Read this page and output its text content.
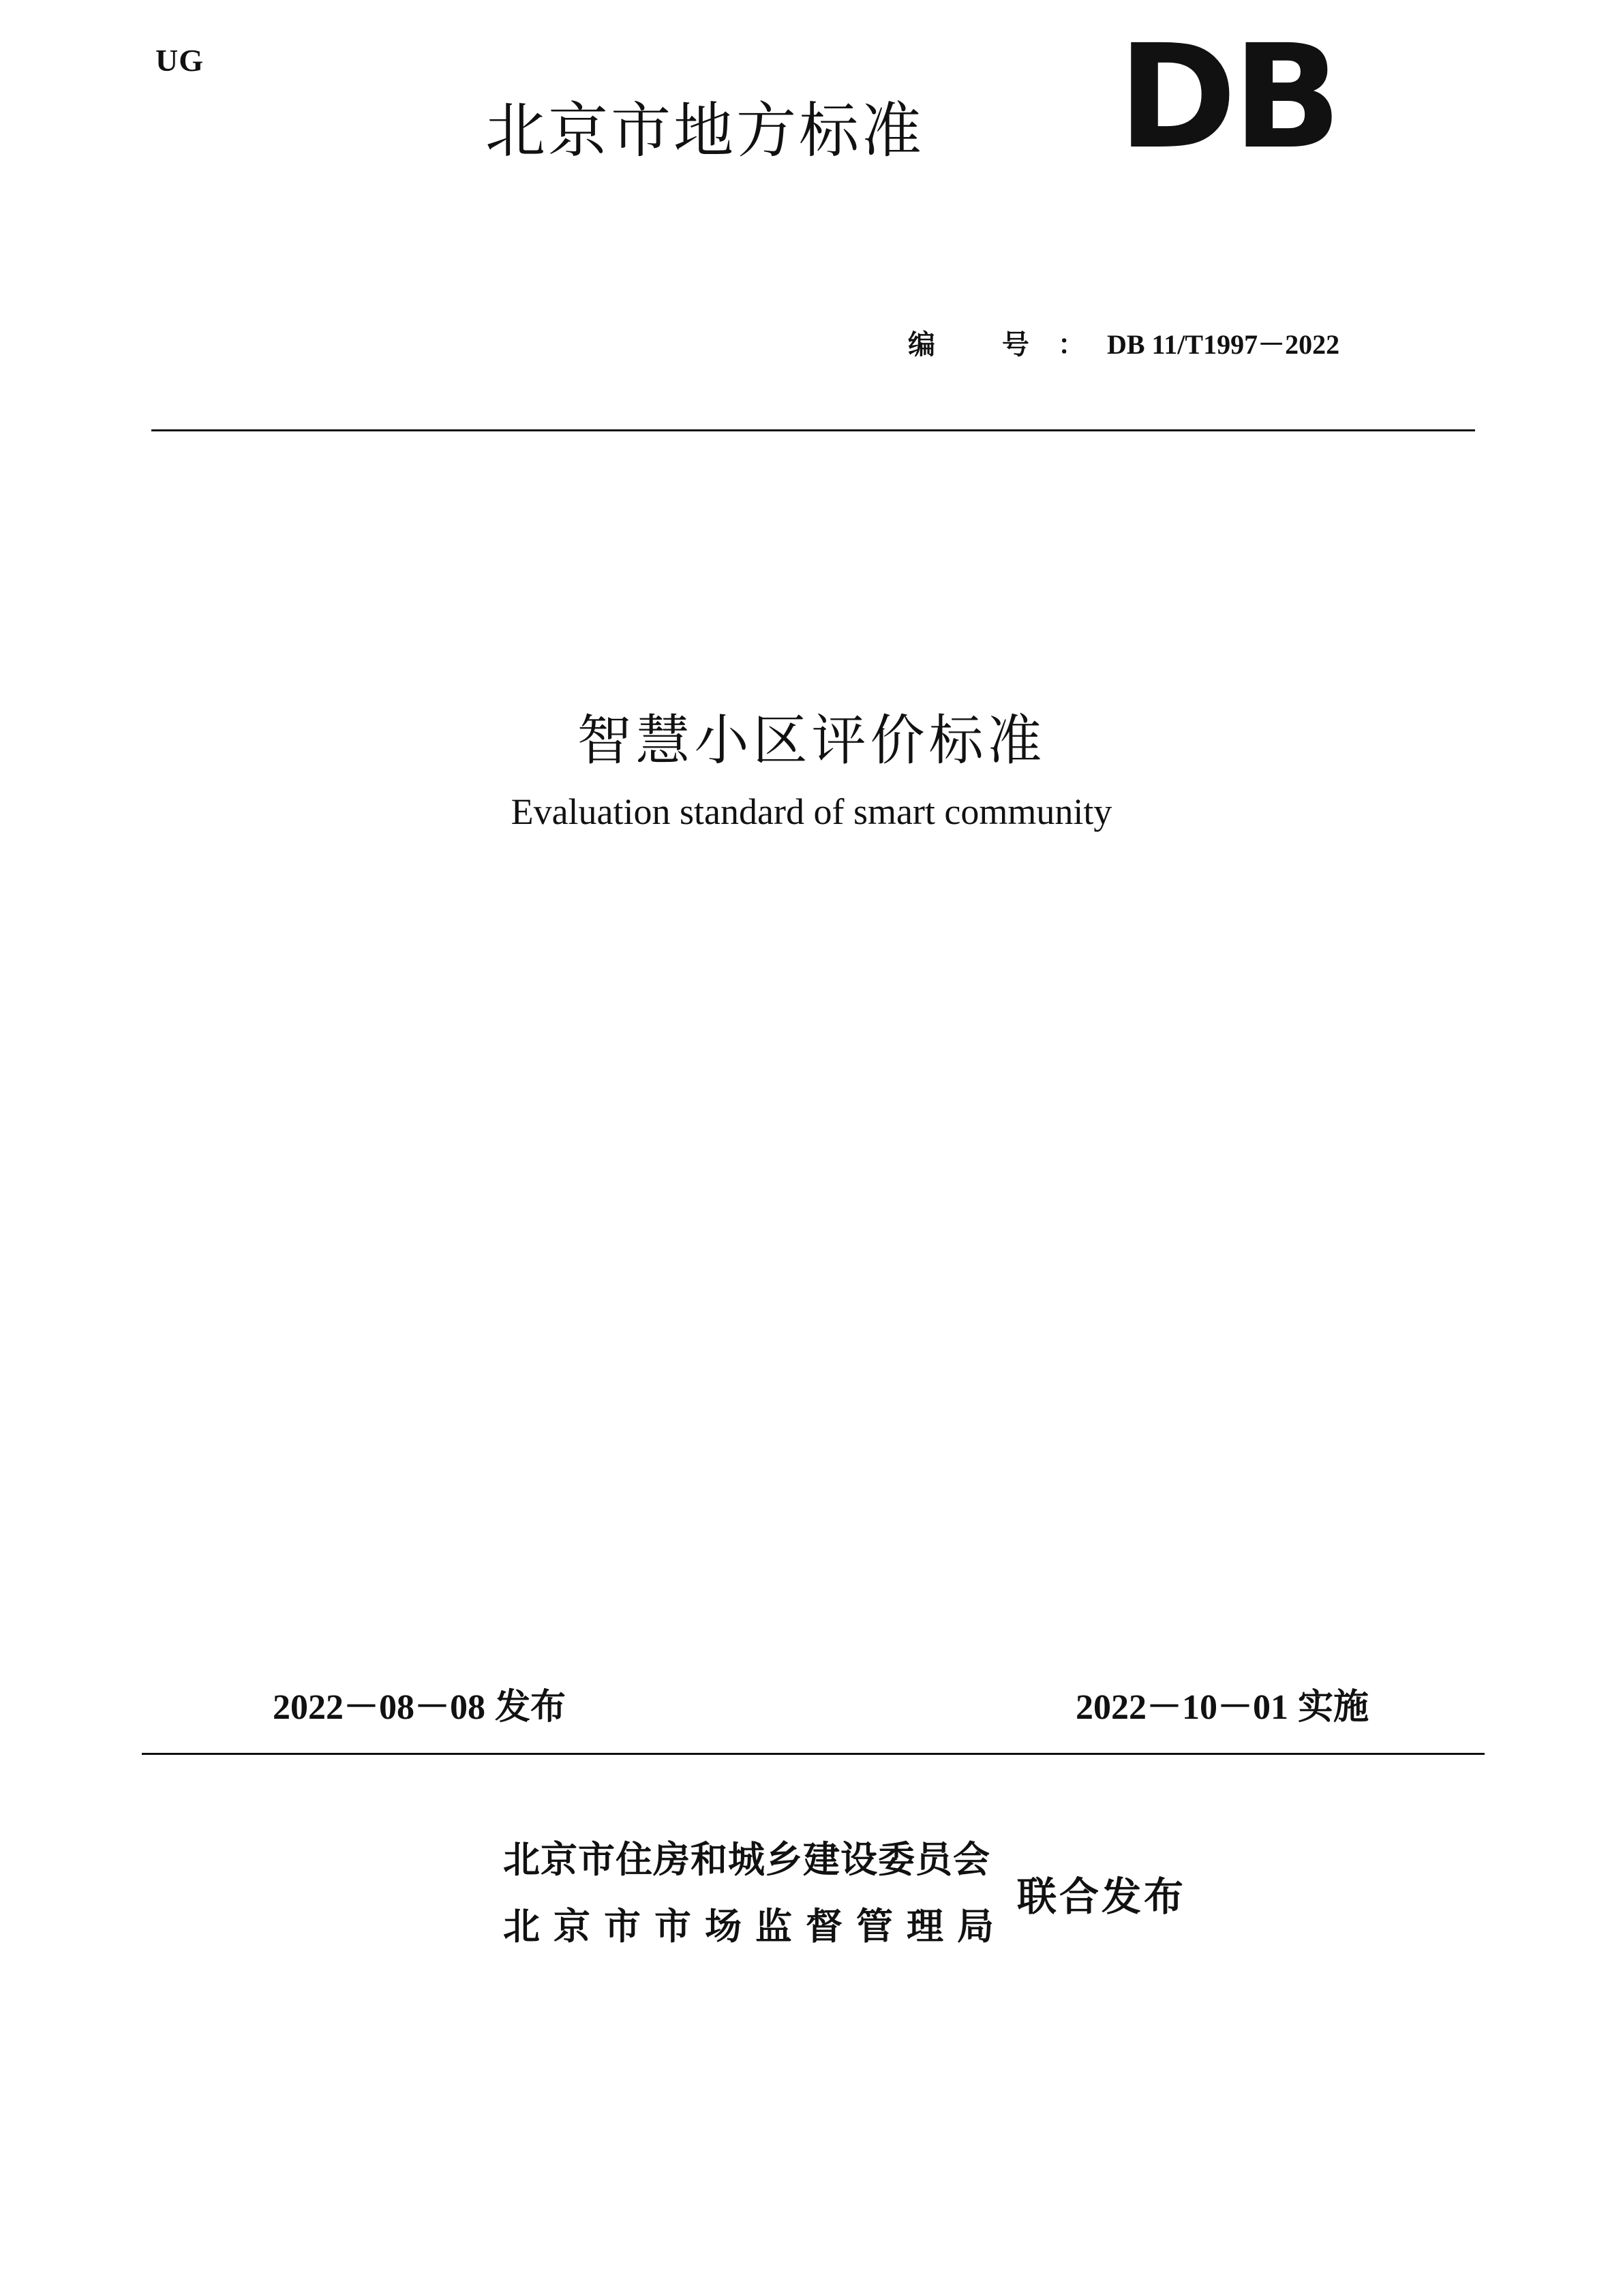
UG
北京市地方标准 DB
编 号：DB 11/T1997－2022
智慧小区评价标准
Evaluation standard of smart community
2022－08－08 发布	2022－10－01 实施
北京市住房和城乡建设委员会
北京市市场监督管理局
联合发布
